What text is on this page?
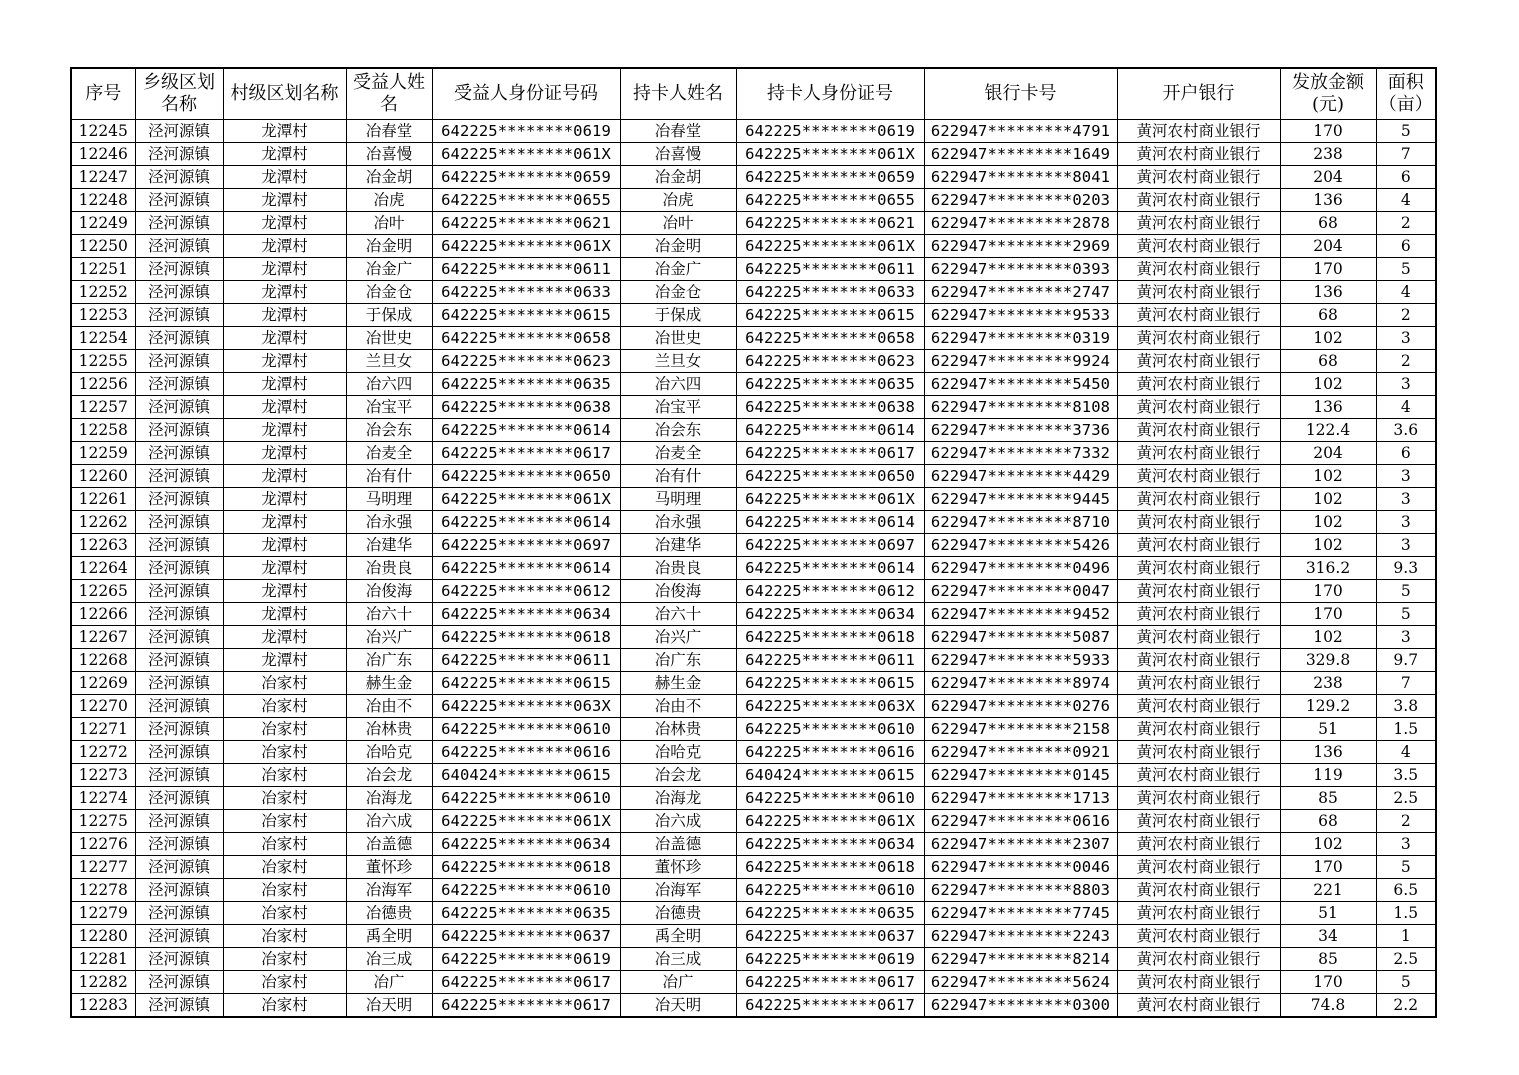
序号	乡级区划名称	村级区划名称	受益人姓名	受益人身份证号码	持卡人姓名	持卡人身份证号	银行卡号	开户银行	发放金额(元)	面积（亩）
12245	泾河源镇	龙潭村	冶春堂	642225********0619	冶春堂	642225********0619	622947*********4791	黄河农村商业银行	170	5
12246	泾河源镇	龙潭村	冶喜慢	642225********061X	冶喜慢	642225********061X	622947*********1649	黄河农村商业银行	238	7
12247	泾河源镇	龙潭村	冶金胡	642225********0659	冶金胡	642225********0659	622947*********8041	黄河农村商业银行	204	6
12248	泾河源镇	龙潭村	冶虎	642225********0655	冶虎	642225********0655	622947*********0203	黄河农村商业银行	136	4
12249	泾河源镇	龙潭村	冶叶	642225********0621	冶叶	642225********0621	622947*********2878	黄河农村商业银行	68	2
12250	泾河源镇	龙潭村	冶金明	642225********061X	冶金明	642225********061X	622947*********2969	黄河农村商业银行	204	6
12251	泾河源镇	龙潭村	冶金广	642225********0611	冶金广	642225********0611	622947*********0393	黄河农村商业银行	170	5
12252	泾河源镇	龙潭村	冶金仓	642225********0633	冶金仓	642225********0633	622947*********2747	黄河农村商业银行	136	4
12253	泾河源镇	龙潭村	于保成	642225********0615	于保成	642225********0615	622947*********9533	黄河农村商业银行	68	2
12254	泾河源镇	龙潭村	冶世史	642225********0658	冶世史	642225********0658	622947*********0319	黄河农村商业银行	102	3
12255	泾河源镇	龙潭村	兰旦女	642225********0623	兰旦女	642225********0623	622947*********9924	黄河农村商业银行	68	2
12256	泾河源镇	龙潭村	冶六四	642225********0635	冶六四	642225********0635	622947*********5450	黄河农村商业银行	102	3
12257	泾河源镇	龙潭村	冶宝平	642225********0638	冶宝平	642225********0638	622947*********8108	黄河农村商业银行	136	4
12258	泾河源镇	龙潭村	冶会东	642225********0614	冶会东	642225********0614	622947*********3736	黄河农村商业银行	122.4	3.6
12259	泾河源镇	龙潭村	冶麦全	642225********0617	冶麦全	642225********0617	622947*********7332	黄河农村商业银行	204	6
12260	泾河源镇	龙潭村	冶有什	642225********0650	冶有什	642225********0650	622947*********4429	黄河农村商业银行	102	3
12261	泾河源镇	龙潭村	马明理	642225********061X	马明理	642225********061X	622947*********9445	黄河农村商业银行	102	3
12262	泾河源镇	龙潭村	冶永强	642225********0614	冶永强	642225********0614	622947*********8710	黄河农村商业银行	102	3
12263	泾河源镇	龙潭村	冶建华	642225********0697	冶建华	642225********0697	622947*********5426	黄河农村商业银行	102	3
12264	泾河源镇	龙潭村	冶贵良	642225********0614	冶贵良	642225********0614	622947*********0496	黄河农村商业银行	316.2	9.3
12265	泾河源镇	龙潭村	冶俊海	642225********0612	冶俊海	642225********0612	622947*********0047	黄河农村商业银行	170	5
12266	泾河源镇	龙潭村	冶六十	642225********0634	冶六十	642225********0634	622947*********9452	黄河农村商业银行	170	5
12267	泾河源镇	龙潭村	冶兴广	642225********0618	冶兴广	642225********0618	622947*********5087	黄河农村商业银行	102	3
12268	泾河源镇	龙潭村	冶广东	642225********0611	冶广东	642225********0611	622947*********5933	黄河农村商业银行	329.8	9.7
12269	泾河源镇	冶家村	赫生金	642225********0615	赫生金	642225********0615	622947*********8974	黄河农村商业银行	238	7
12270	泾河源镇	冶家村	冶由不	642225********063X	冶由不	642225********063X	622947*********0276	黄河农村商业银行	129.2	3.8
12271	泾河源镇	冶家村	冶林贵	642225********0610	冶林贵	642225********0610	622947*********2158	黄河农村商业银行	51	1.5
12272	泾河源镇	冶家村	冶哈克	642225********0616	冶哈克	642225********0616	622947*********0921	黄河农村商业银行	136	4
12273	泾河源镇	冶家村	冶会龙	640424********0615	冶会龙	640424********0615	622947*********0145	黄河农村商业银行	119	3.5
12274	泾河源镇	冶家村	冶海龙	642225********0610	冶海龙	642225********0610	622947*********1713	黄河农村商业银行	85	2.5
12275	泾河源镇	冶家村	冶六成	642225********061X	冶六成	642225********061X	622947*********0616	黄河农村商业银行	68	2
12276	泾河源镇	冶家村	冶盖德	642225********0634	冶盖德	642225********0634	622947*********2307	黄河农村商业银行	102	3
12277	泾河源镇	冶家村	董怀珍	642225********0618	董怀珍	642225********0618	622947*********0046	黄河农村商业银行	170	5
12278	泾河源镇	冶家村	冶海军	642225********0610	冶海军	642225********0610	622947*********8803	黄河农村商业银行	221	6.5
12279	泾河源镇	冶家村	冶德贵	642225********0635	冶德贵	642225********0635	622947*********7745	黄河农村商业银行	51	1.5
12280	泾河源镇	冶家村	禹全明	642225********0637	禹全明	642225********0637	622947*********2243	黄河农村商业银行	34	1
12281	泾河源镇	冶家村	冶三成	642225********0619	冶三成	642225********0619	622947*********8214	黄河农村商业银行	85	2.5
12282	泾河源镇	冶家村	冶广	642225********0617	冶广	642225********0617	622947*********5624	黄河农村商业银行	170	5
12283	泾河源镇	冶家村	冶天明	642225********0617	冶天明	642225********0617	622947*********0300	黄河农村商业银行	74.8	2.2
